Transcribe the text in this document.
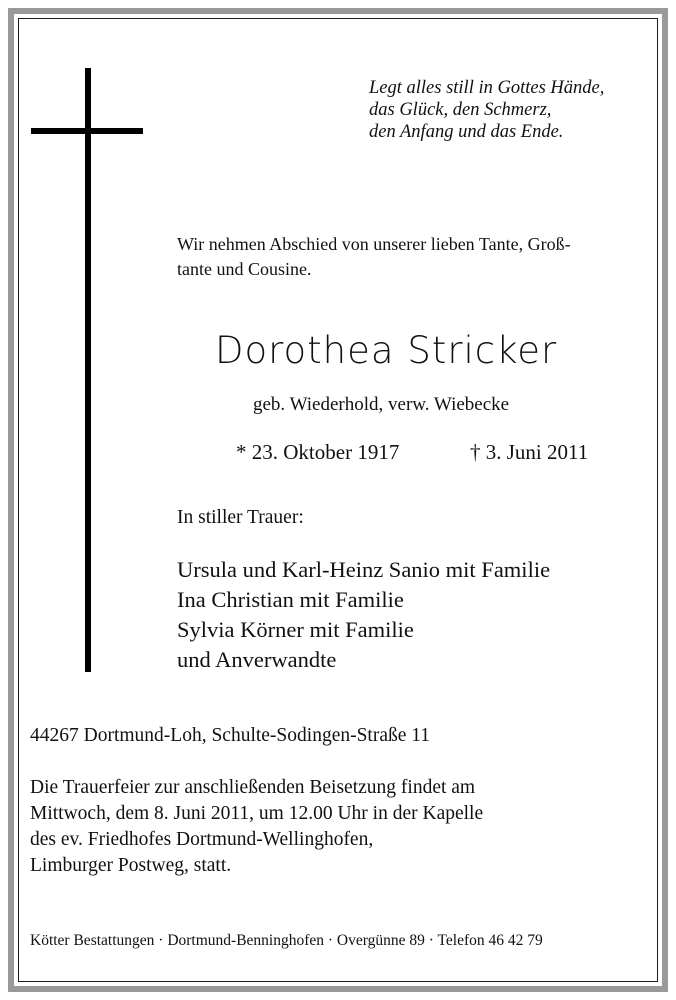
Legt alles still in Gottes Hände,
das Glück, den Schmerz,
den Anfang und das Ende.
Wir nehmen Abschied von unserer lieben Tante, Groß-
tante und Cousine.
Dorothea Stricker
geb. Wiederhold, verw. Wiebecke
* 23. Oktober 1917	† 3. Juni 2011
In stiller Trauer:
Ursula und Karl-Heinz Sanio mit Familie
Ina Christian mit Familie
Sylvia Körner mit Familie
und Anverwandte
44267 Dortmund-Loh, Schulte-Sodingen-Straße 11
Die Trauerfeier zur anschließenden Beisetzung findet am
Mittwoch, dem 8. Juni 2011, um 12.00 Uhr in der Kapelle
des ev. Friedhofes Dortmund-Wellinghofen,
Limburger Postweg, statt.
Kötter Bestattungen · Dortmund-Benninghofen · Overgünne 89 · Telefon 46 42 79
